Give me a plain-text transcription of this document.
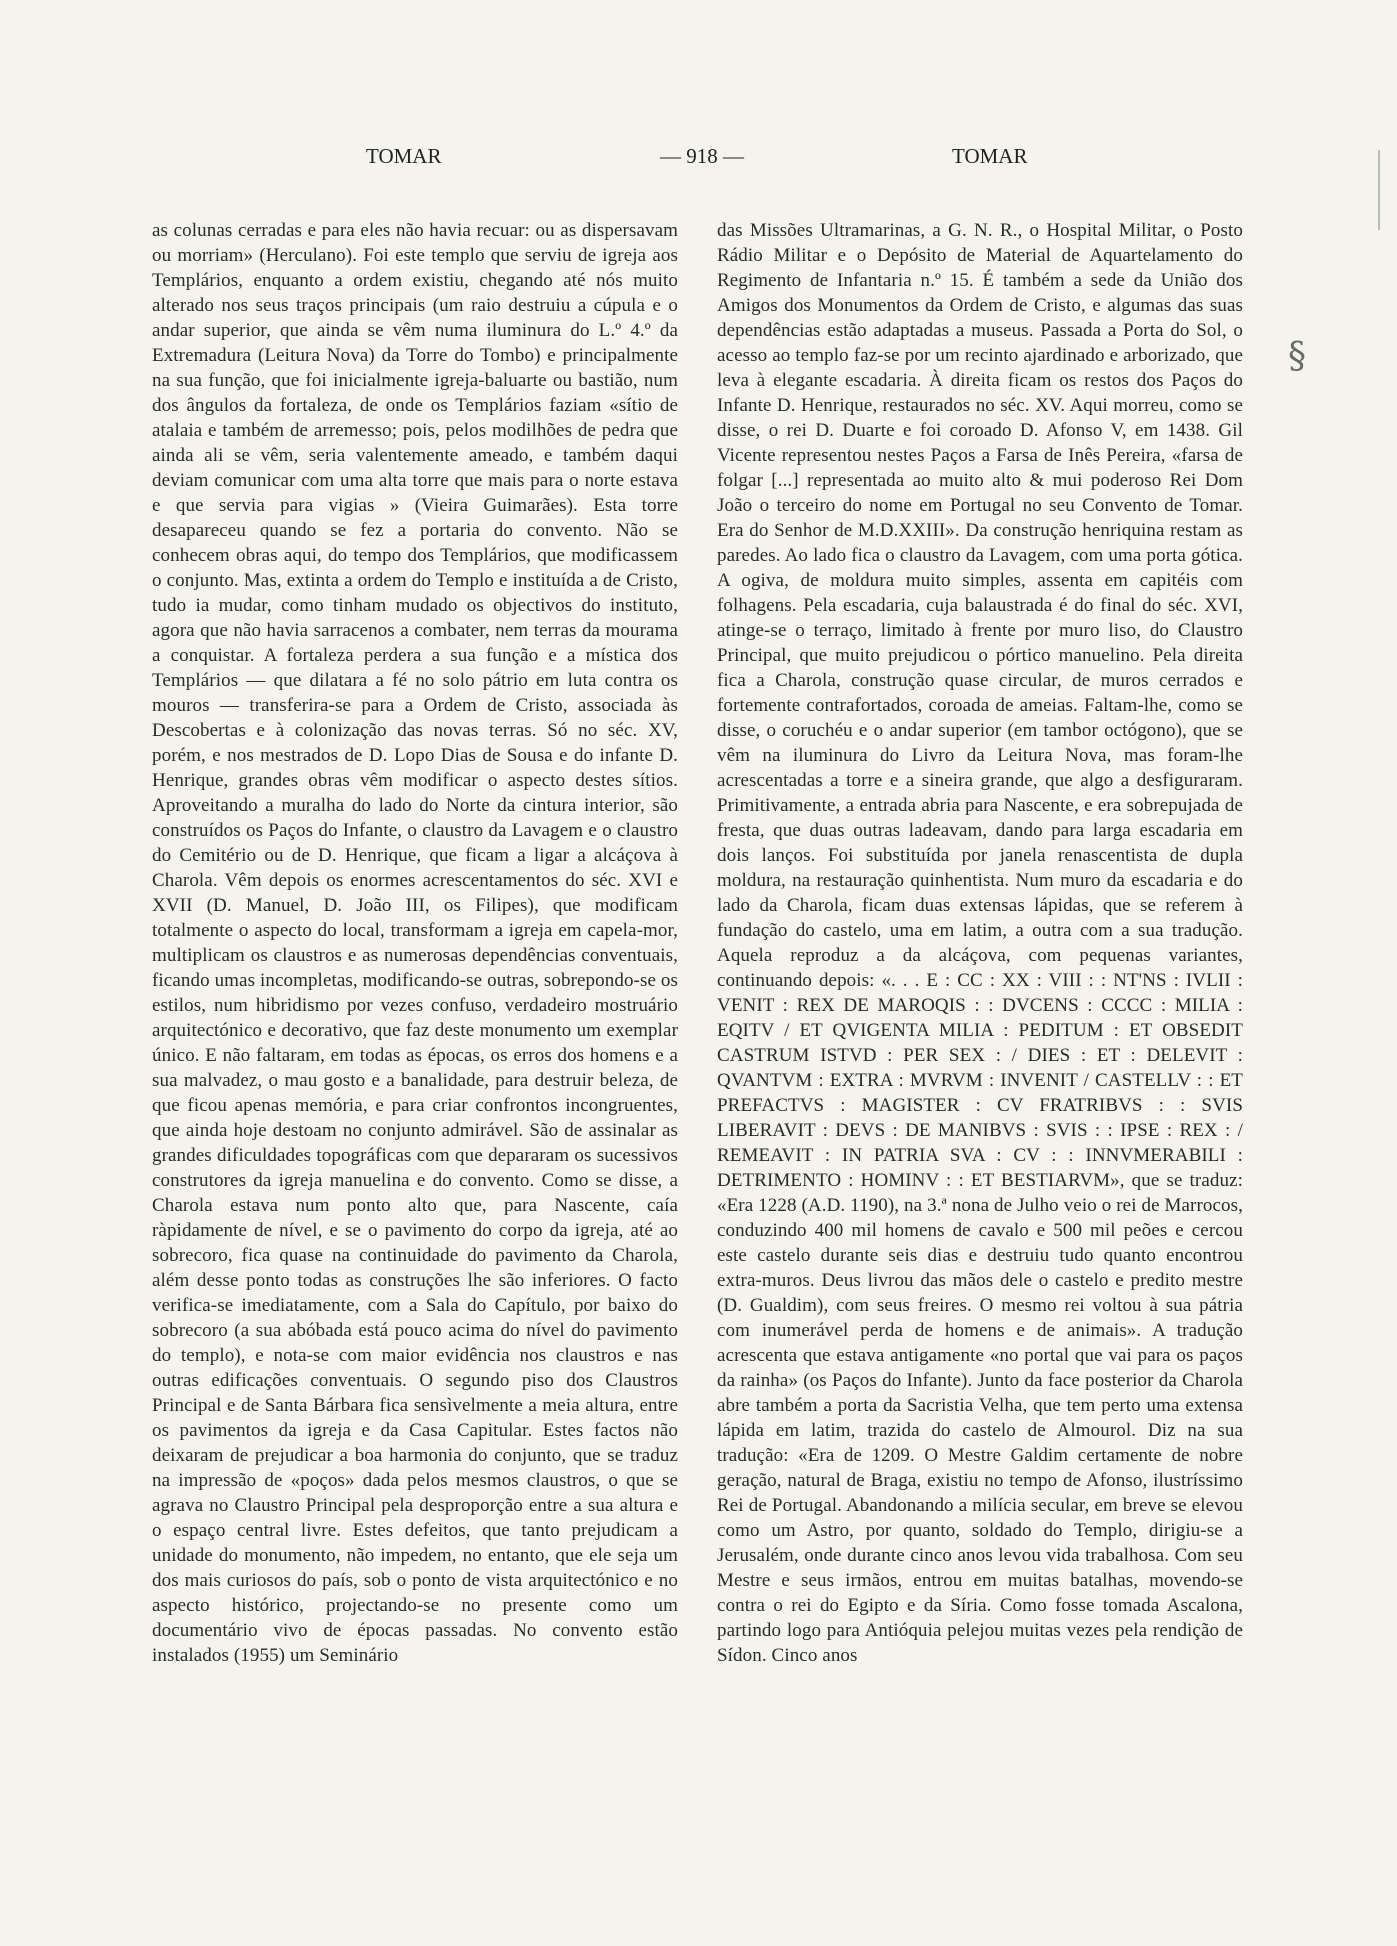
TOMAR	— 918 —	TOMAR

as colunas cerradas e para eles não havia recuar: ou as dispersavam ou morriam» (Herculano). Foi este templo que serviu de igreja aos Templários, enquanto a ordem existiu, chegando até nós muito alterado nos seus traços principais (um raio destruiu a cúpula e o andar superior, que ainda se vêm numa iluminura do L.º 4.º da Extremadura (Leitura Nova) da Torre do Tombo) e principalmente na sua função, que foi inicialmente igreja-baluarte ou bastião, num dos ângulos da fortaleza, de onde os Templários faziam «sítio de atalaia e também de arremesso; pois, pelos modilhões de pedra que ainda ali se vêm, seria valentemente ameado, e também daqui deviam comunicar com uma alta torre que mais para o norte estava e que servia para vigias » (Vieira Guimarães). Esta torre desapareceu quando se fez a portaria do convento. Não se conhecem obras aqui, do tempo dos Templários, que modificassem o conjunto. Mas, extinta a ordem do Templo e instituída a de Cristo, tudo ia mudar, como tinham mudado os objectivos do instituto, agora que não havia sarracenos a combater, nem terras da mourama a conquistar. A fortaleza perdera a sua função e a mística dos Templários — que dilatara a fé no solo pátrio em luta contra os mouros — transferira-se para a Ordem de Cristo, associada às Descobertas e à colonização das novas terras. Só no séc. XV, porém, e nos mestrados de D. Lopo Dias de Sousa e do infante D. Henrique, grandes obras vêm modificar o aspecto destes sítios. Aproveitando a muralha do lado do Norte da cintura interior, são construídos os Paços do Infante, o claustro da Lavagem e o claustro do Cemitério ou de D. Henrique, que ficam a ligar a alcáçova à Charola. Vêm depois os enormes acrescentamentos do séc. XVI e XVII (D. Manuel, D. João III, os Filipes), que modificam totalmente o aspecto do local, transformam a igreja em capela-mor, multiplicam os claustros e as numerosas dependências conventuais, ficando umas incompletas, modificando-se outras, sobrepondo-se os estilos, num hibridismo por vezes confuso, verdadeiro mostruário arquitectónico e decorativo, que faz deste monumento um exemplar único. E não faltaram, em todas as épocas, os erros dos homens e a sua malvadez, o mau gosto e a banalidade, para destruir beleza, de que ficou apenas memória, e para criar confrontos incongruentes, que ainda hoje destoam no conjunto admirável. São de assinalar as grandes dificuldades topográficas com que depararam os sucessivos construtores da igreja manuelina e do convento. Como se disse, a Charola estava num ponto alto que, para Nascente, caía ràpidamente de nível, e se o pavimento do corpo da igreja, até ao sobrecoro, fica quase na continuidade do pavimento da Charola, além desse ponto todas as construções lhe são inferiores. O facto verifica-se imediatamente, com a Sala do Capítulo, por baixo do sobrecoro (a sua abóbada está pouco acima do nível do pavimento do templo), e nota-se com maior evidência nos claustros e nas outras edificações conventuais. O segundo piso dos Claustros Principal e de Santa Bárbara fica sensìvelmente a meia altura, entre os pavimentos da igreja e da Casa Capitular. Estes factos não deixaram de prejudicar a boa harmonia do conjunto, que se traduz na impressão de «poços» dada pelos mesmos claustros, o que se agrava no Claustro Principal pela desproporção entre a sua altura e o espaço central livre. Estes defeitos, que tanto prejudicam a unidade do monumento, não impedem, no entanto, que ele seja um dos mais curiosos do país, sob o ponto de vista arquitectónico e no aspecto histórico, projectando-se no presente como um documentário vivo de épocas passadas. No convento estão instalados (1955) um Seminário

das Missões Ultramarinas, a G. N. R., o Hospital Militar, o Posto Rádio Militar e o Depósito de Material de Aquartelamento do Regimento de Infantaria n.º 15. É também a sede da União dos Amigos dos Monumentos da Ordem de Cristo, e algumas das suas dependências estão adaptadas a museus. Passada a Porta do Sol, o acesso ao templo faz-se por um recinto ajardinado e arborizado, que leva à elegante escadaria. À direita ficam os restos dos Paços do Infante D. Henrique, restaurados no séc. XV. Aqui morreu, como se disse, o rei D. Duarte e foi coroado D. Afonso V, em 1438. Gil Vicente representou nestes Paços a Farsa de Inês Pereira, «farsa de folgar [...] representada ao muito alto & mui poderoso Rei Dom João o terceiro do nome em Portugal no seu Convento de Tomar. Era do Senhor de M.D.XXIII». Da construção henriquina restam as paredes. Ao lado fica o claustro da Lavagem, com uma porta gótica. A ogiva, de moldura muito simples, assenta em capitéis com folhagens. Pela escadaria, cuja balaustrada é do final do séc. XVI, atinge-se o terraço, limitado à frente por muro liso, do Claustro Principal, que muito prejudicou o pórtico manuelino. Pela direita fica a Charola, construção quase circular, de muros cerrados e fortemente contrafortados, coroada de ameias. Faltam-lhe, como se disse, o coruchéu e o andar superior (em tambor octógono), que se vêm na iluminura do Livro da Leitura Nova, mas foram-lhe acrescentadas a torre e a sineira grande, que algo a desfiguraram. Primitivamente, a entrada abria para Nascente, e era sobrepujada de fresta, que duas outras ladeavam, dando para larga escadaria em dois lanços. Foi substituída por janela renascentista de dupla moldura, na restauração quinhentista. Num muro da escadaria e do lado da Charola, ficam duas extensas lápidas, que se referem à fundação do castelo, uma em latim, a outra com a sua tradução. Aquela reproduz a da alcáçova, com pequenas variantes, continuando depois: «. . . E : CC : XX : VIII : : NT'NS : IVLII : VENIT : REX DE MAROQIS : : DVCENS : CCCC : MILIA : EQITV / ET QVIGENTA MILIA : PEDITUM : ET OBSEDIT CASTRUM ISTVD : PER SEX : / DIES : ET : DELEVIT : QVANTVM : EXTRA : MVRVM : INVENIT / CASTELLV : : ET PREFACTVS : MAGISTER : CV FRATRIBVS : : SVIS LIBERAVIT : DEVS : DE MANIBVS : SVIS : : IPSE : REX : / REMEAVIT : IN PATRIA SVA : CV : : INNVMERABILI : DETRIMENTO : HOMINV : : ET BESTIARVM», que se traduz: «Era 1228 (A.D. 1190), na 3.ª nona de Julho veio o rei de Marrocos, conduzindo 400 mil homens de cavalo e 500 mil peões e cercou este castelo durante seis dias e destruiu tudo quanto encontrou extra-muros. Deus livrou das mãos dele o castelo e predito mestre (D. Gualdim), com seus freires. O mesmo rei voltou à sua pátria com inumerável perda de homens e de animais». A tradução acrescenta que estava antigamente «no portal que vai para os paços da rainha» (os Paços do Infante). Junto da face posterior da Charola abre também a porta da Sacristia Velha, que tem perto uma extensa lápida em latim, trazida do castelo de Almourol. Diz na sua tradução: «Era de 1209. O Mestre Galdim certamente de nobre geração, natural de Braga, existiu no tempo de Afonso, ilustríssimo Rei de Portugal. Abandonando a milícia secular, em breve se elevou como um Astro, por quanto, soldado do Templo, dirigiu-se a Jerusalém, onde durante cinco anos levou vida trabalhosa. Com seu Mestre e seus irmãos, entrou em muitas batalhas, movendo-se contra o rei do Egipto e da Síria. Como fosse tomada Ascalona, partindo logo para Antióquia pelejou muitas vezes pela rendição de Sídon. Cinco anos

§
